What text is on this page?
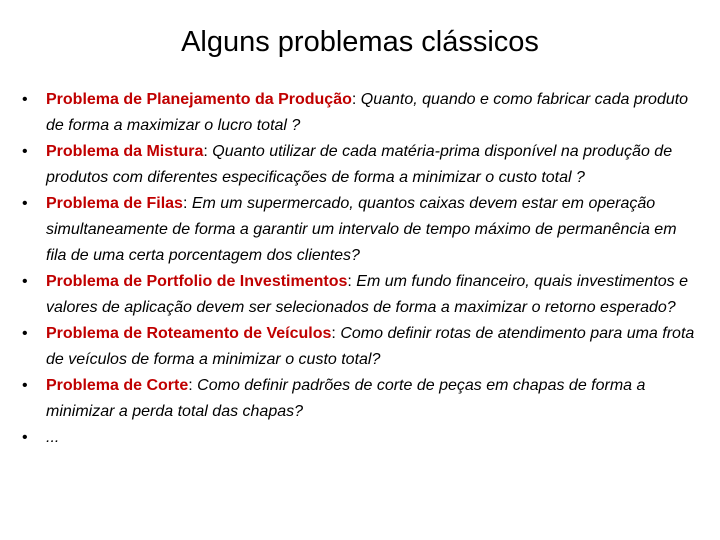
Alguns problemas clássicos
• Problema de Planejamento da Produção: Quanto, quando e como fabricar cada produto de forma a maximizar o lucro total ?
• Problema da Mistura: Quanto utilizar de cada matéria-prima disponível na produção de produtos com diferentes especificações de forma a minimizar o custo total ?
• Problema de Filas: Em um supermercado, quantos caixas devem estar em operação simultaneamente de forma a garantir um intervalo de tempo máximo de permanência em fila de uma certa porcentagem dos clientes?
• Problema de Portfolio de Investimentos: Em um fundo financeiro, quais investimentos e valores de aplicação devem ser selecionados de forma a maximizar o retorno esperado?
• Problema de Roteamento de Veículos: Como definir rotas de atendimento para uma frota de veículos de forma a minimizar o custo total?
• Problema de Corte: Como definir padrões de corte de peças em chapas de forma a minimizar a perda total das chapas?
• ...
